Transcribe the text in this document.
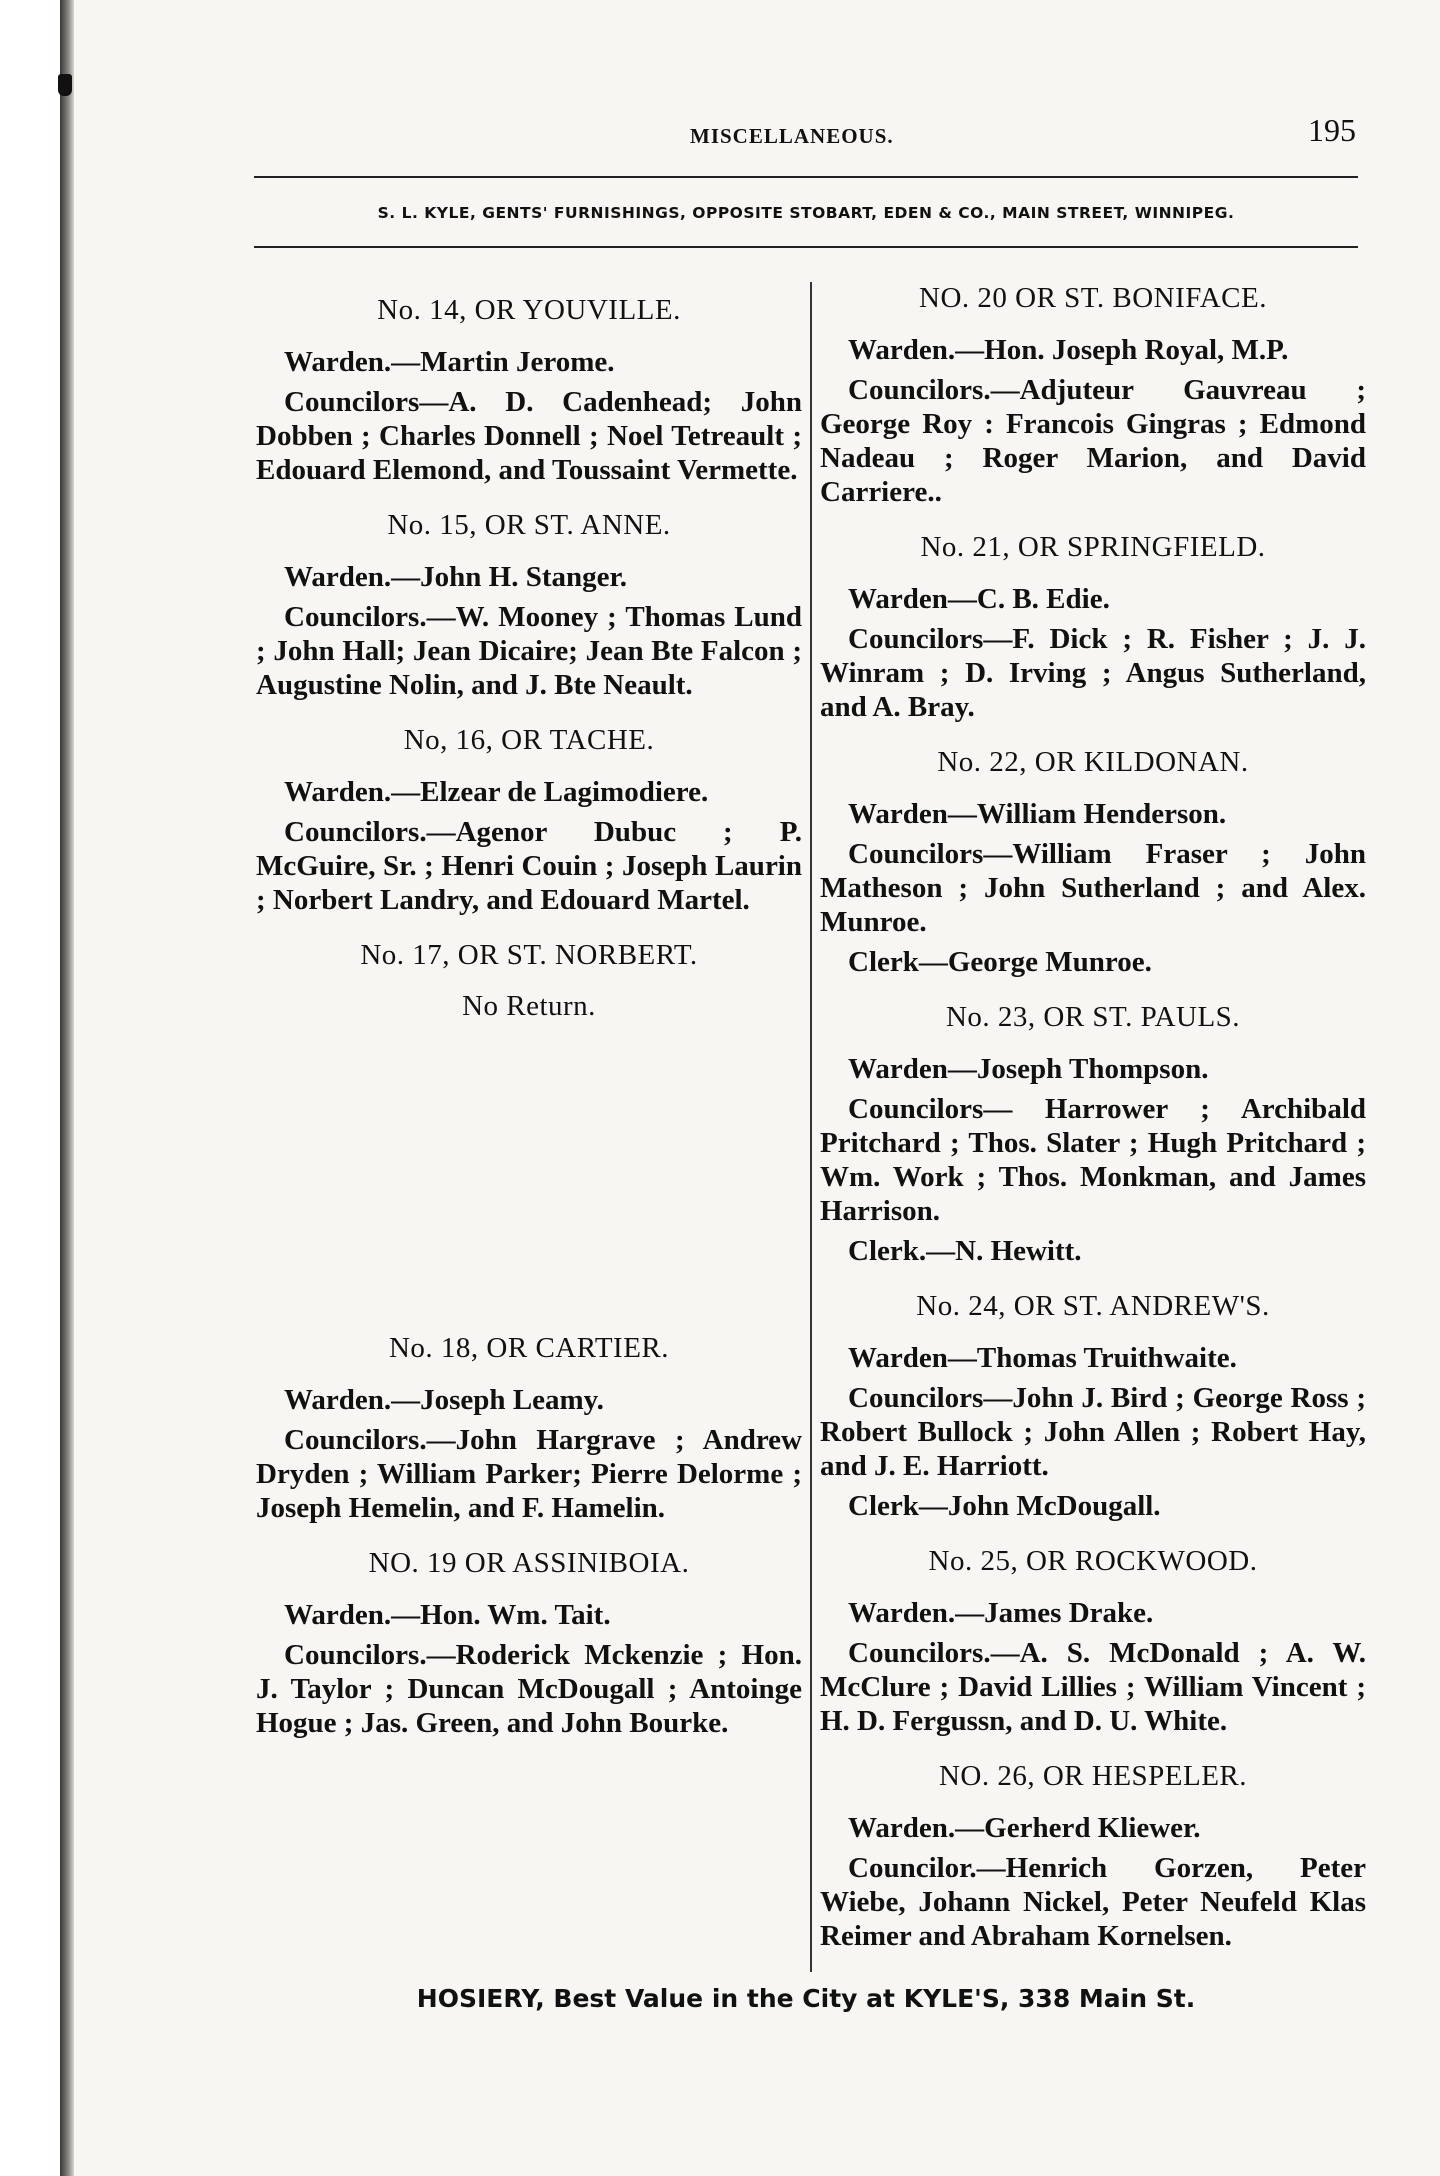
MISCELLANEOUS.	195
S. L. KYLE, GENTS' FURNISHINGS, OPPOSITE STOBART, EDEN & CO., MAIN STREET, WINNIPEG.
No. 14, OR YOUVILLE.

Warden.—Martin Jerome.

Councilors—A. D. Cadenhead; John Dobben ; Charles Donnell ; Noel Tetreault ; Edouard Elemond, and Toussaint Vermette.

No. 15, OR ST. ANNE.

Warden.—John H. Stanger.

Councilors.—W. Mooney ; Thomas Lund ; John Hall; Jean Dicaire; Jean Bte Falcon ; Augustine Nolin, and J. Bte Neault.

No, 16, OR TACHE.

Warden.—Elzear de Lagimodiere.

Councilors.—Agenor Dubuc ; P. McGuire, Sr. ; Henri Couin ; Joseph Laurin ; Norbert Landry, and Edouard Martel.

No. 17, OR ST. NORBERT.
No Return.
No. 18, OR CARTIER.

Warden.—Joseph Leamy.

Councilors.—John Hargrave ; Andrew Dryden ; William Parker; Pierre Delorme ; Joseph Hemelin, and F. Hamelin.

NO. 19 OR ASSINIBOIA.

Warden.—Hon. Wm. Tait.

Councilors.—Roderick Mckenzie ; Hon. J. Taylor ; Duncan McDougall ; Antoinge Hogue ; Jas. Green, and John Bourke.

NO. 20 OR ST. BONIFACE.

Warden.—Hon. Joseph Royal, M.P.

Councilors.—Adjuteur Gauvreau ; George Roy : Francois Gingras ; Edmond Nadeau ; Roger Marion, and David Carriere..

No. 21, OR SPRINGFIELD.

Warden—C. B. Edie.

Councilors—F. Dick ; R. Fisher ; J. J. Winram ; D. Irving ; Angus Sutherland, and A. Bray.

No. 22, OR KILDONAN.

Warden—William Henderson.

Councilors—William Fraser ; John Matheson ; John Sutherland ; and Alex. Munroe.

Clerk—George Munroe.

No. 23, OR ST. PAULS.

Warden—Joseph Thompson.

Councilors— Harrower ; Archibald Pritchard ; Thos. Slater ; Hugh Pritchard ; Wm. Work ; Thos. Monkman, and James Harrison.

Clerk.—N. Hewitt.

No. 24, OR ST. ANDREW'S.

Warden—Thomas Truithwaite.

Councilors—John J. Bird ; George Ross ; Robert Bullock ; John Allen ; Robert Hay, and J. E. Harriott.

Clerk—John McDougall.

No. 25, OR ROCKWOOD.

Warden.—James Drake.

Councilors.—A. S. McDonald ; A. W. McClure ; David Lillies ; William Vincent ; H. D. Fergussn, and D. U. White.

NO. 26, OR HESPELER.

Warden.—Gerherd Kliewer.

Councilor.—Henrich Gorzen, Peter Wiebe, Johann Nickel, Peter Neufeld Klas Reimer and Abraham Kornelsen.

HOSIERY, Best Value in the City at KYLE'S, 338 Main St.
